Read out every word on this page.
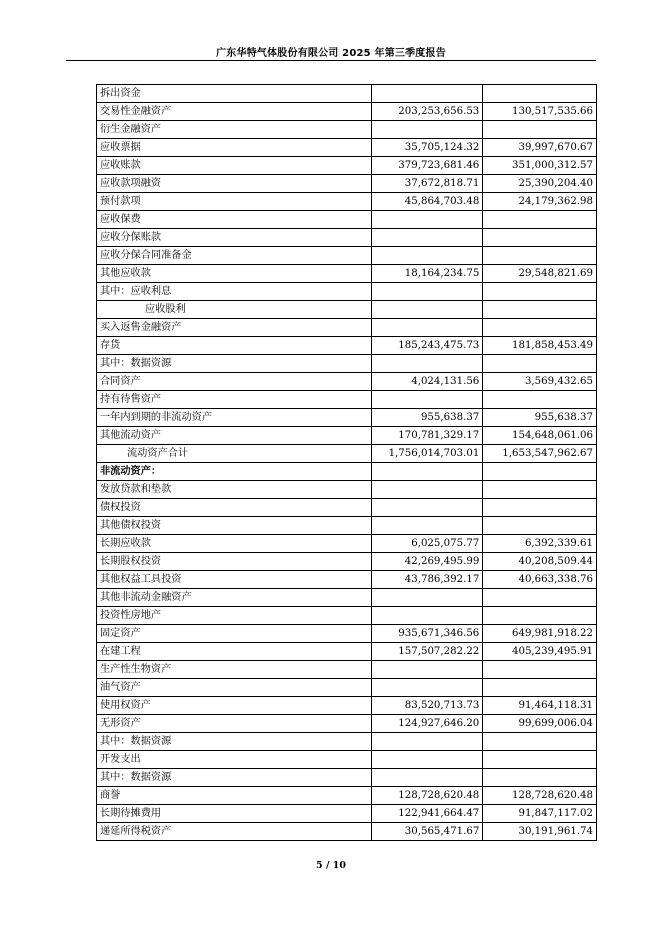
广东华特气体股份有限公司 2025 年第三季度报告
拆出资金		
交易性金融资产	203,253,656.53	130,517,535.66
衍生金融资产		
应收票据	35,705,124.32	39,997,670.67
应收账款	379,723,681.46	351,000,312.57
应收款项融资	37,672,818.71	25,390,204.40
预付款项	45,864,703.48	24,179,362.98
应收保费		
应收分保账款		
应收分保合同准备金		
其他应收款	18,164,234.75	29,548,821.69
其中：应收利息		
应收股利		
买入返售金融资产		
存货	185,243,475.73	181,858,453.49
其中：数据资源		
合同资产	4,024,131.56	3,569,432.65
持有待售资产		
一年内到期的非流动资产	955,638.37	955,638.37
其他流动资产	170,781,329.17	154,648,061.06
流动资产合计	1,756,014,703.01	1,653,547,962.67
非流动资产：		
发放贷款和垫款		
债权投资		
其他债权投资		
长期应收款	6,025,075.77	6,392,339.61
长期股权投资	42,269,495.99	40,208,509.44
其他权益工具投资	43,786,392.17	40,663,338.76
其他非流动金融资产		
投资性房地产		
固定资产	935,671,346.56	649,981,918.22
在建工程	157,507,282.22	405,239,495.91
生产性生物资产		
油气资产		
使用权资产	83,520,713.73	91,464,118.31
无形资产	124,927,646.20	99,699,006.04
其中：数据资源		
开发支出		
其中：数据资源		
商誉	128,728,620.48	128,728,620.48
长期待摊费用	122,941,664.47	91,847,117.02
递延所得税资产	30,565,471.67	30,191,961.74
5 / 10
